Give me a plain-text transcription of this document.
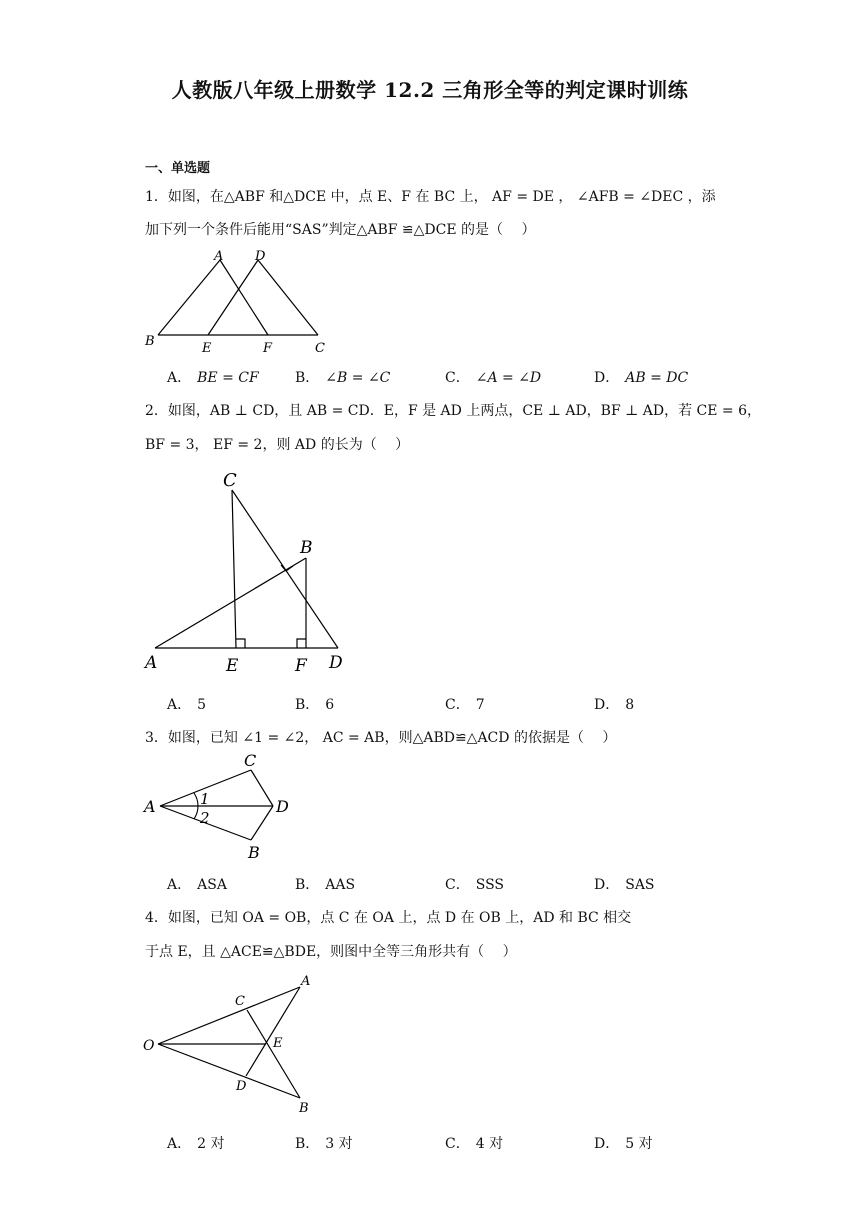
人教版八年级上册数学 12.2 三角形全等的判定课时训练
一、单选题
1．如图，在△ABF 和△DCE 中，点 E、F 在 BC 上， AF = DE ， ∠AFB = ∠DEC ，添
加下列一个条件后能用“SAS”判定△ABF ≌△DCE 的是（　 ）
A D
B	E	F	C
A． BE = CF	B． ∠B = ∠C	C． ∠A = ∠D	D． AB = DC
2．如图，AB ⊥ CD，且 AB = CD．E，F 是 AD 上两点，CE ⊥ AD，BF ⊥ AD，若 CE = 6，
BF = 3， EF = 2，则 AD 的长为（　 ）
C
B
A	E	F D
A． 5	B． 6	C． 7	D． 8
3．如图，已知 ∠1 = ∠2， AC = AB，则△ABD≌△ACD 的依据是（　 ）
C
A	1
2
D
B
A． ASA	B． AAS	C． SSS	D． SAS
4．如图，已知 OA = OB，点 C 在 OA 上，点 D 在 OB 上，AD 和 BC 相交
于点 E，且 △ACE≌△BDE，则图中全等三角形共有（　 ）
C
A
O	E
D
B
A． 2 对	B． 3 对	C． 4 对	D． 5 对
